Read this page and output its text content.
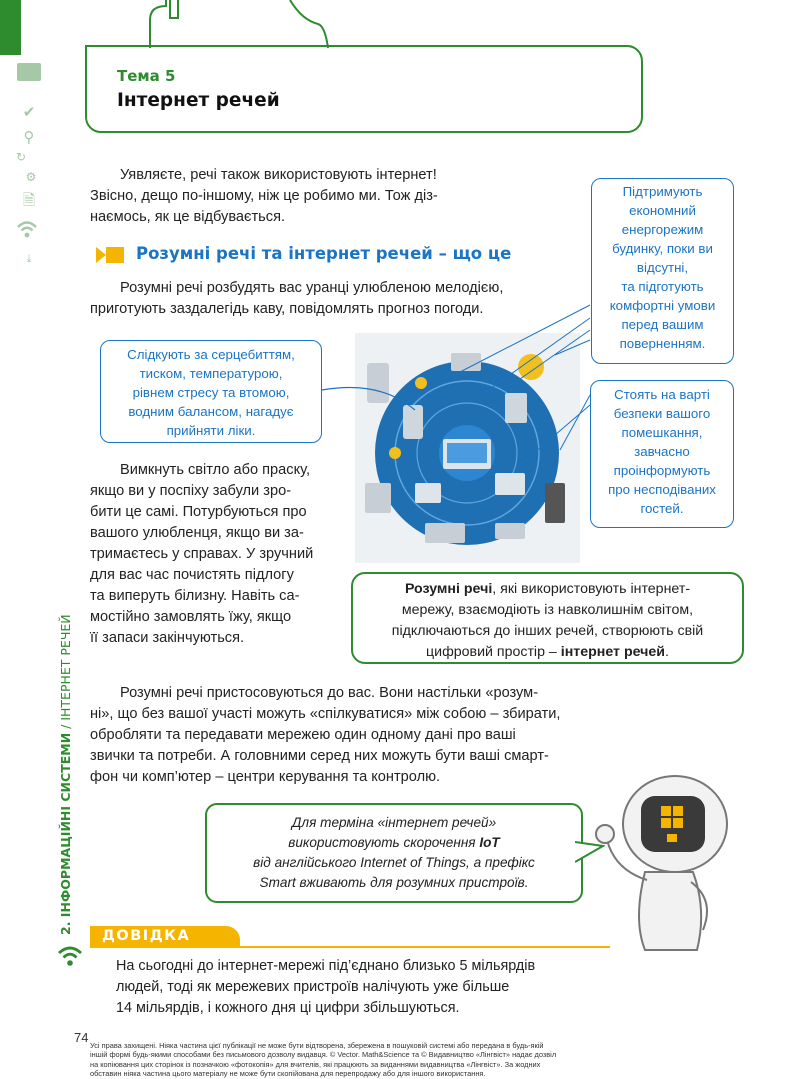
✔
⚲
↻
⚙
🗎
⤓
2. ІНФОРМАЦІЙНІ СИСТЕМИ / ІНТЕРНЕТ РЕЧЕЙ
Тема 5
Інтернет речей
Уявляєте, речі також використовують інтернет!
Звісно, дещо по-іншому, ніж це робимо ми. Тож діз-
наємось, як це відбувається.
Розумні речі та інтернет речей – що це
Розумні речі розбудять вас уранці улюбленою мелодією,
приготують заздалегідь каву, повідомлять прогноз погоди.
Підтримують
економний
енергорежим
будинку, поки ви
відсутні,
та підготують
комфортні умови
перед вашим
поверненням.
Слідкують за серцебиттям,
тиском, температурою,
рівнем стресу та втомою,
водним балансом, нагадує
прийняти ліки.
Стоять на варті
безпеки вашого
помешкання,
завчасно
проінформують
про несподіваних
гостей.
Вимкнуть світло або праску,
якщо ви у поспіху забули зро-
бити це самі. Потурбуються про
вашого улюбленця, якщо ви за-
тримаєтесь у справах. У зручний
для вас час почистять підлогу
та виперуть білизну. Навіть са-
мостійно замовлять їжу, якщо
її запаси закінчуються.
Розумні речі, які використовують інтернет-
мережу, взаємодіють із навколишнім світом,
підключаються до інших речей, створюють свій
цифровий простір – інтернет речей.
Розумні речі пристосовуються до вас. Вони настільки «розум-
ні», що без вашої участі можуть «спілкуватися» між собою – збирати,
обробляти та передавати мережею один одному дані про ваші
звички та потреби. А головними серед них можуть бути ваші смарт-
фон чи комп’ютер – центри керування та контролю.
Для терміна «інтернет речей»
використовують скорочення IoT
від англійського Internet of Things, а префікс
Smart вживають для розумних пристроїв.
ДОВІДКА
На сьогодні до інтернет-мережі під’єднано близько 5 мільярдів
людей, тоді як мережевих пристроїв налічують уже більше
14 мільярдів, і кожного дня ці цифри збільшуються.
74
Усі права захищені. Ніяка частина цієї публікації не може бути відтворена, збережена в пошуковій системі або передана в будь-якій
іншій формі будь-якими способами без письмового дозволу видавця. © Vector. Math&Science та © Видавництво «Лінгвіст» надає дозвіл
на копіювання цих сторінок із позначкою «фотокопія» для вчителів, які працюють за виданнями видавництва «Лінгвіст». За жодних
обставин ніяка частина цього матеріалу не може бути скопійована для перепродажу або для іншого використання.
